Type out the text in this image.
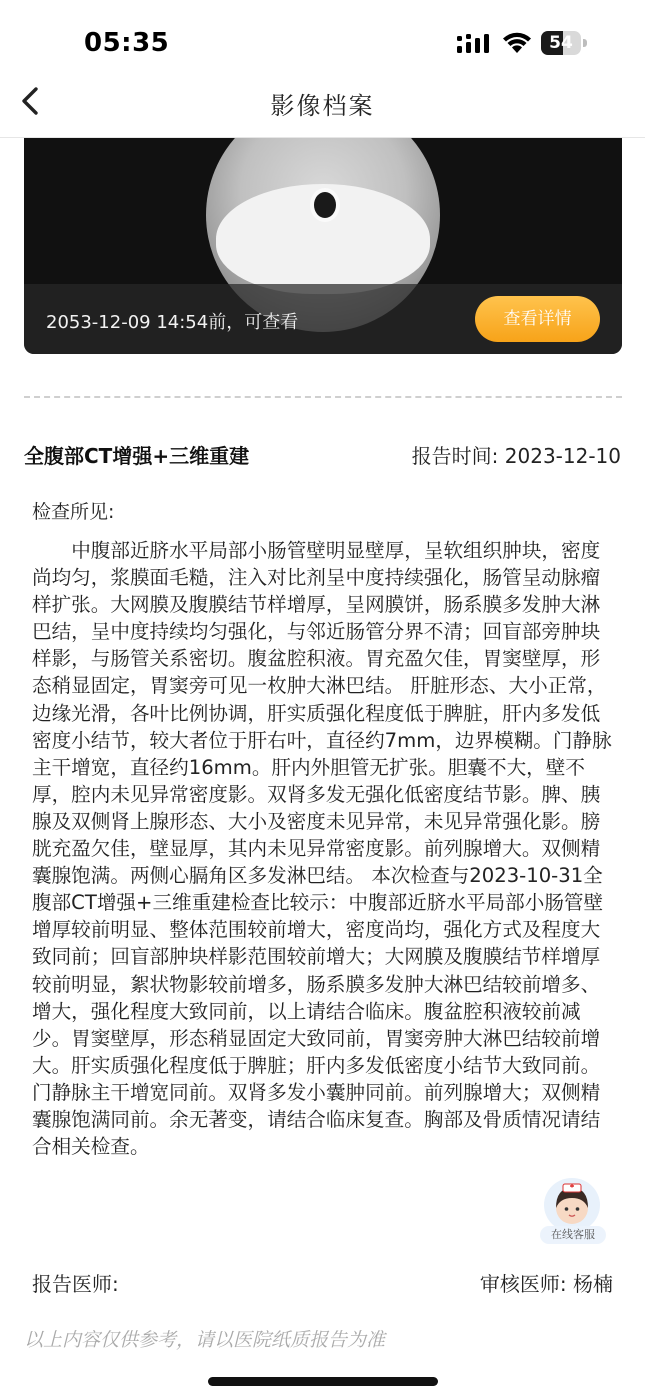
05:35	54
影像档案
2053-12-09 14:54前，可查看	查看详情
全腹部CT增强+三维重建	报告时间: 2023-12-10
检查所见:
中腹部近脐水平局部小肠管壁明显壁厚，呈软组织肿块，密度尚均匀，浆膜面毛糙，注入对比剂呈中度持续强化，肠管呈动脉瘤样扩张。大网膜及腹膜结节样增厚，呈网膜饼，肠系膜多发肿大淋巴结，呈中度持续均匀强化，与邻近肠管分界不清；回盲部旁肿块样影，与肠管关系密切。腹盆腔积液。胃充盈欠佳，胃窦壁厚，形态稍显固定，胃窦旁可见一枚肿大淋巴结。 肝脏形态、大小正常，边缘光滑，各叶比例协调，肝实质强化程度低于脾脏，肝内多发低密度小结节，较大者位于肝右叶，直径约7mm，边界模糊。门静脉主干增宽，直径约16mm。肝内外胆管无扩张。胆囊不大，壁不厚，腔内未见异常密度影。双肾多发无强化低密度结节影。脾、胰腺及双侧肾上腺形态、大小及密度未见异常，未见异常强化影。膀胱充盈欠佳，壁显厚，其内未见异常密度影。前列腺增大。双侧精囊腺饱满。两侧心膈角区多发淋巴结。 本次检查与2023-10-31全腹部CT增强+三维重建检查比较示：中腹部近脐水平局部小肠管壁增厚较前明显、整体范围较前增大，密度尚均，强化方式及程度大致同前；回盲部肿块样影范围较前增大；大网膜及腹膜结节样增厚较前明显，絮状物影较前增多，肠系膜多发肿大淋巴结较前增多、增大，强化程度大致同前，以上请结合临床。腹盆腔积液较前减少。胃窦壁厚，形态稍显固定大致同前，胃窦旁肿大淋巴结较前增大。肝实质强化程度低于脾脏；肝内多发低密度小结节大致同前。门静脉主干增宽同前。双肾多发小囊肿同前。前列腺增大；双侧精囊腺饱满同前。余无著变，请结合临床复查。胸部及骨质情况请结合相关检查。
报告医师:	审核医师: 杨楠
以上内容仅供参考，请以医院纸质报告为准
在线客服
